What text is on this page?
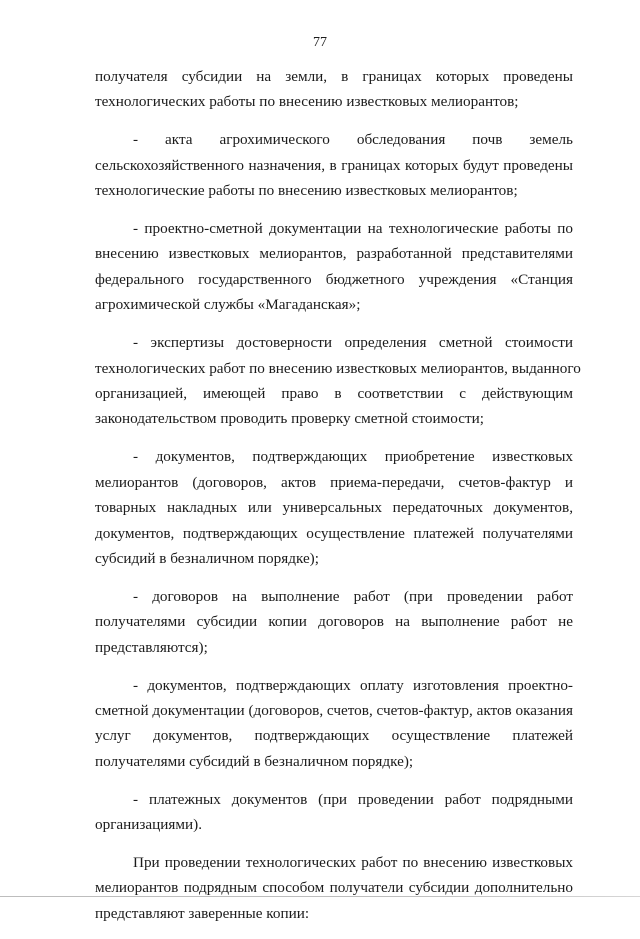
77
получателя субсидии на земли, в границах которых проведены
технологических работы по внесению известковых мелиорантов;
- акта агрохимического обследования почв земель
сельскохозяйственного назначения, в границах которых будут проведены
технологические работы по внесению известковых мелиорантов;
- проектно-сметной документации на технологические работы по
внесению известковых мелиорантов, разработанной представителями
федерального государственного бюджетного учреждения «Станция
агрохимической службы «Магаданская»;
- экспертизы достоверности определения сметной стоимости
технологических работ по внесению известковых мелиорантов, выданного
организацией, имеющей право в соответствии с действующим
законодательством проводить проверку сметной стоимости;
- документов, подтверждающих приобретение известковых
мелиорантов (договоров, актов приема-передачи, счетов-фактур и
товарных накладных или универсальных передаточных документов,
документов, подтверждающих осуществление платежей получателями
субсидий в безналичном порядке);
- договоров на выполнение работ (при проведении работ
получателями субсидии копии договоров на выполнение работ не
представляются);
- документов, подтверждающих оплату изготовления проектно-
сметной документации (договоров, счетов, счетов-фактур, актов оказания
услуг документов, подтверждающих осуществление платежей
получателями субсидий в безналичном порядке);
- платежных документов (при проведении работ подрядными
организациями).
При проведении технологических работ по внесению известковых
мелиорантов подрядным способом получатели субсидии дополнительно
представляют заверенные копии:
